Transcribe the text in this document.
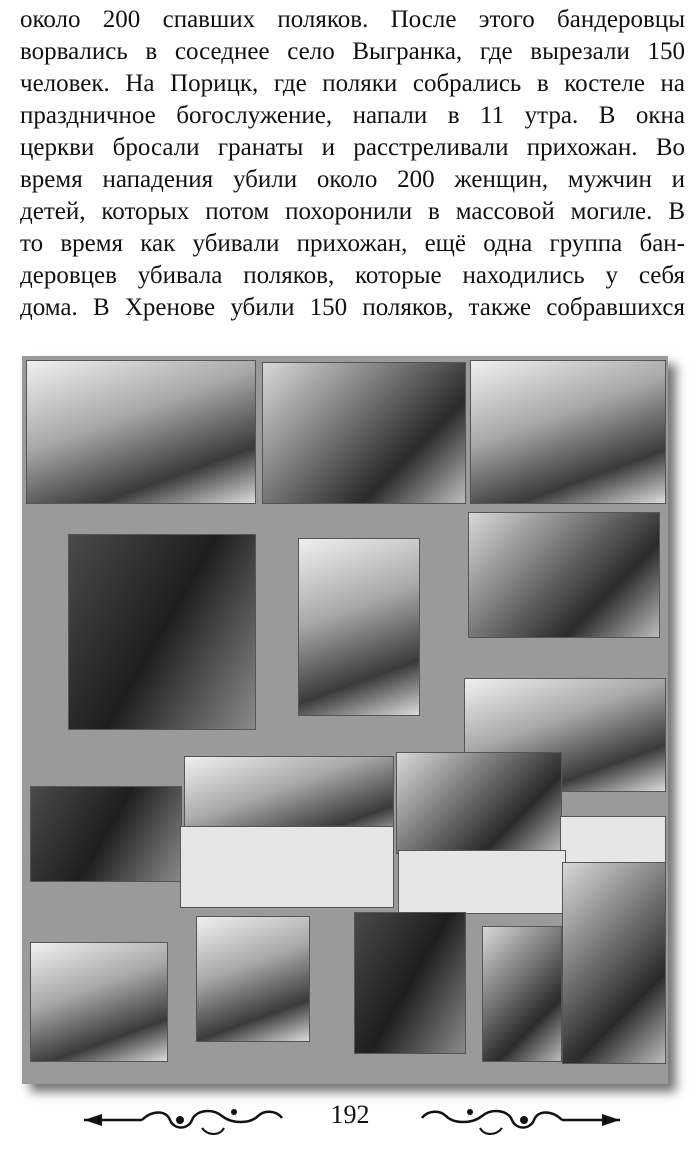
около 200 спавших поляков. После этого бандеровцы
ворвались в соседнее село Выгранка, где вырезали 150
человек. На Порицк, где поляки собрались в костеле на
праздничное богослужение, напали в 11 утра. В окна
церкви бросали гранаты и расстреливали прихожан. Во
время нападения убили около 200 женщин, мужчин и
детей, которых потом похоронили в массовой могиле. В
то время как убивали прихожан, ещё одна группа бан-
деровцев убивала поляков, которые находились у себя
дома. В Хренове убили 150 поляков, также собравшихся
192
